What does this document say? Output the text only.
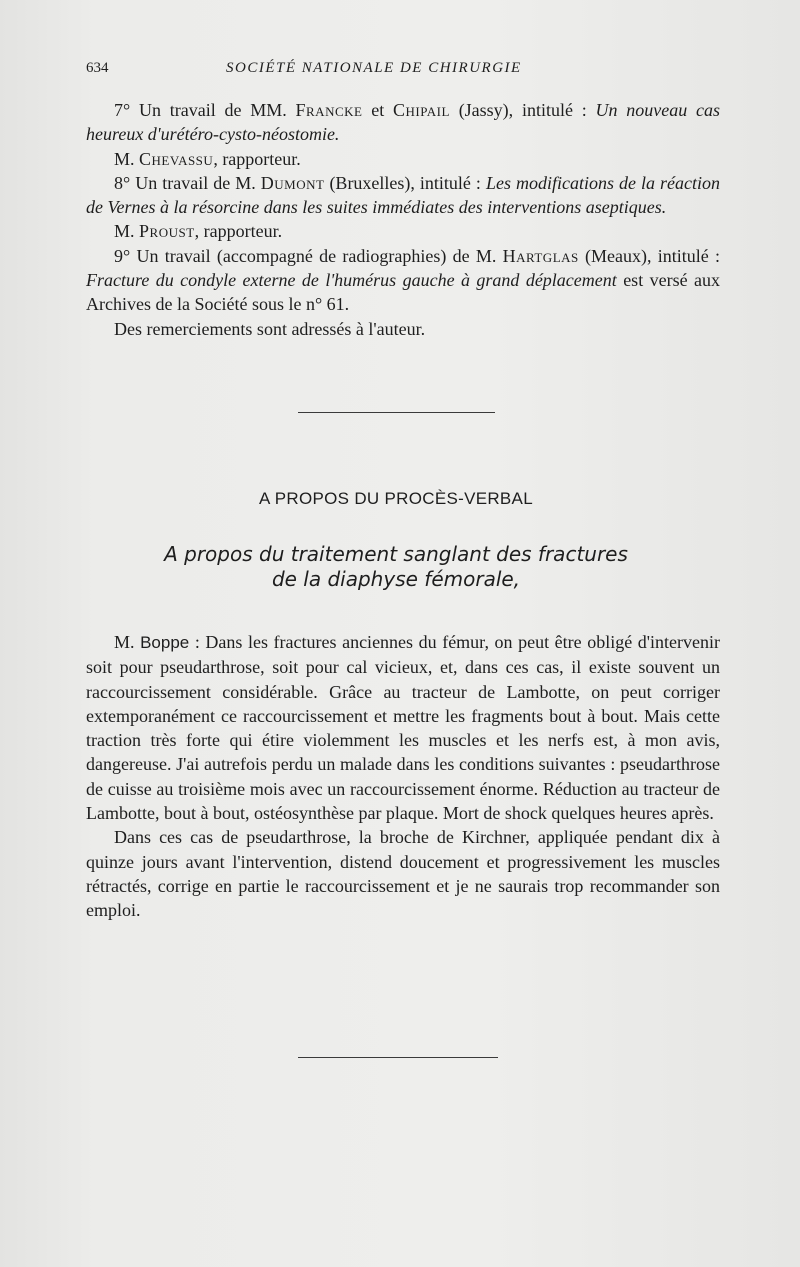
634	SOCIÉTÉ NATIONALE DE CHIRURGIE

7° Un travail de MM. Francke et Chipail (Jassy), intitulé : Un nouveau cas heureux d'urétéro-cysto-néostomie.

M. Chevassu, rapporteur.

8° Un travail de M. Dumont (Bruxelles), intitulé : Les modifications de la réaction de Vernes à la résorcine dans les suites immédiates des interventions aseptiques.

M. Proust, rapporteur.

9° Un travail (accompagné de radiographies) de M. Hartglas (Meaux), intitulé : Fracture du condyle externe de l'humérus gauche à grand déplacement est versé aux Archives de la Société sous le n° 61.

Des remerciements sont adressés à l'auteur.

A PROPOS DU PROCÈS-VERBAL
A propos du traitement sanglant des fractures
de la diaphyse fémorale,

M. Boppe : Dans les fractures anciennes du fémur, on peut être obligé d'intervenir soit pour pseudarthrose, soit pour cal vicieux, et, dans ces cas, il existe souvent un raccourcissement considérable. Grâce au tracteur de Lambotte, on peut corriger extemporanément ce raccourcissement et mettre les fragments bout à bout. Mais cette traction très forte qui étire violemment les muscles et les nerfs est, à mon avis, dangereuse. J'ai autrefois perdu un malade dans les conditions suivantes : pseudarthrose de cuisse au troisième mois avec un raccourcissement énorme. Réduction au tracteur de Lambotte, bout à bout, ostéosynthèse par plaque. Mort de shock quelques heures après.

Dans ces cas de pseudarthrose, la broche de Kirchner, appliquée pendant dix à quinze jours avant l'intervention, distend doucement et progressivement les muscles rétractés, corrige en partie le raccourcissement et je ne saurais trop recommander son emploi.
